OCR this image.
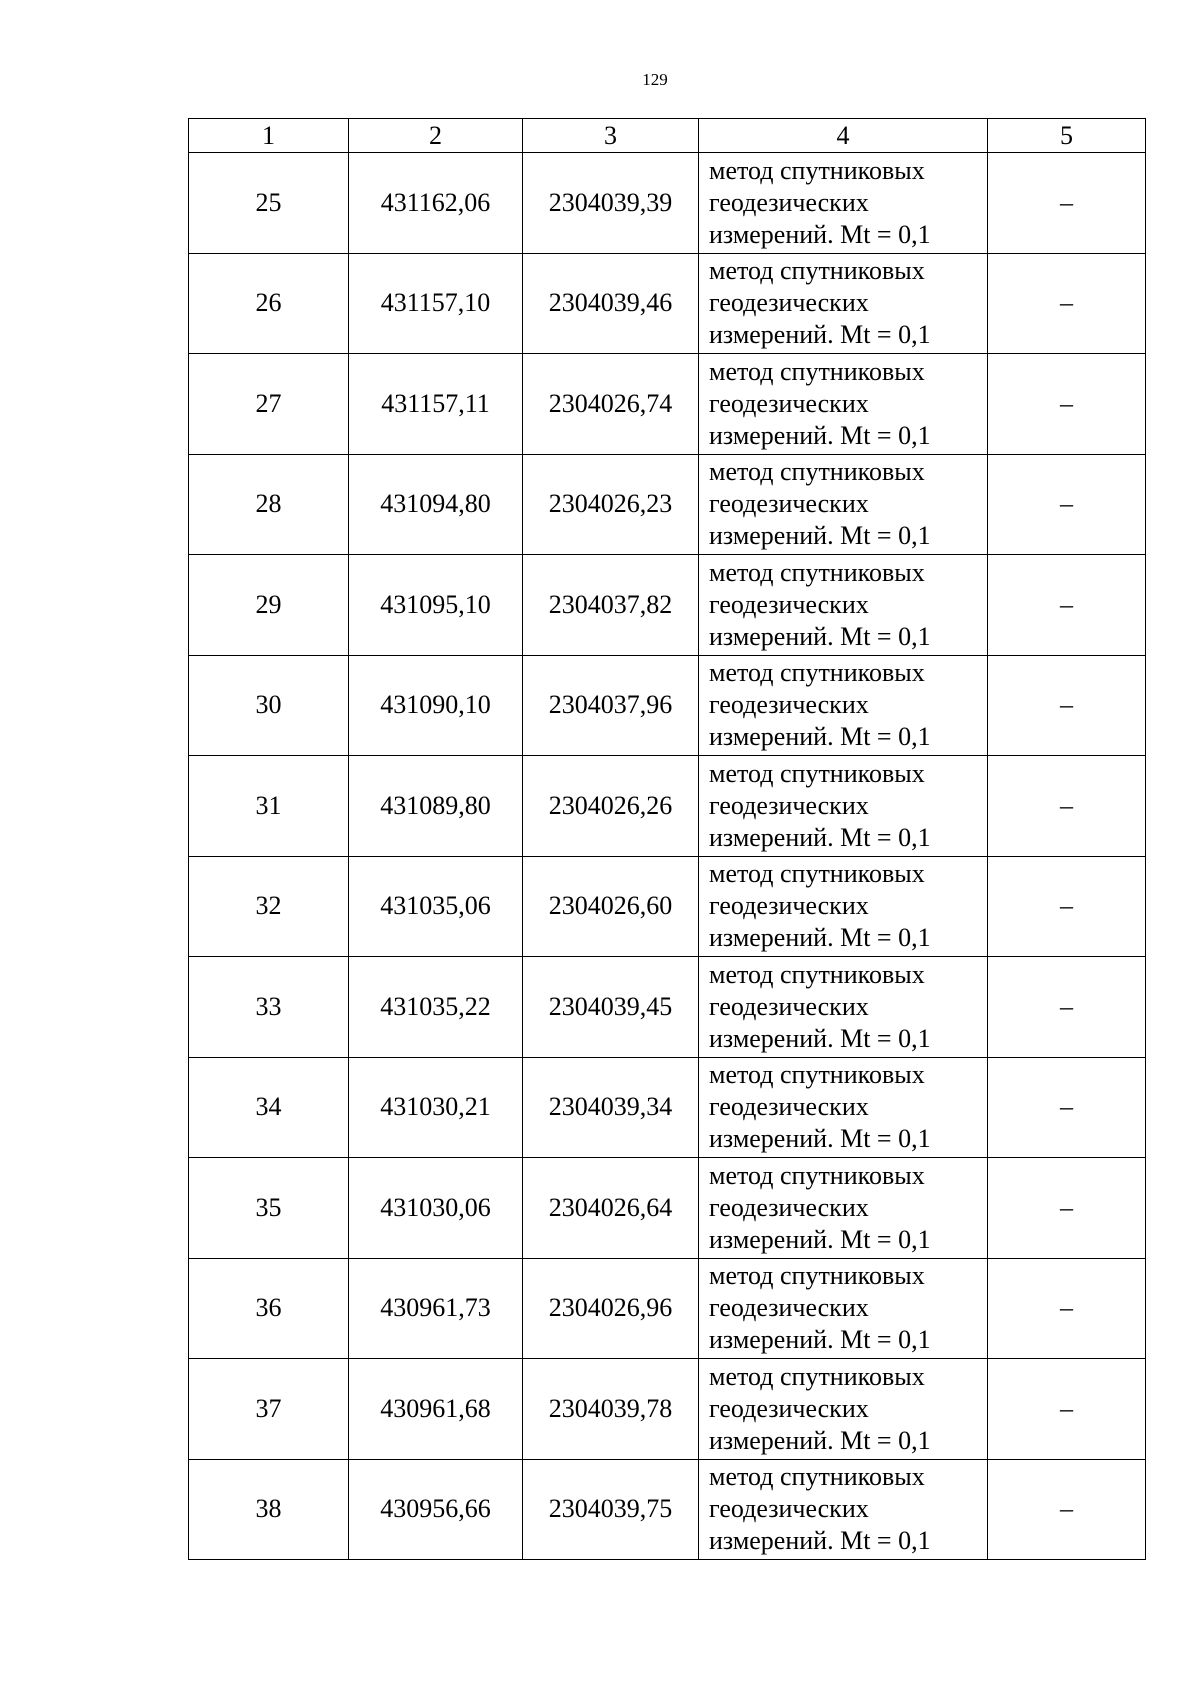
129
1	2	3	4	5
25	431162,06	2304039,39	метод спутниковых
геодезических
измерений. Mt = 0,1	–
26	431157,10	2304039,46	метод спутниковых
геодезических
измерений. Mt = 0,1	–
27	431157,11	2304026,74	метод спутниковых
геодезических
измерений. Mt = 0,1	–
28	431094,80	2304026,23	метод спутниковых
геодезических
измерений. Mt = 0,1	–
29	431095,10	2304037,82	метод спутниковых
геодезических
измерений. Mt = 0,1	–
30	431090,10	2304037,96	метод спутниковых
геодезических
измерений. Mt = 0,1	–
31	431089,80	2304026,26	метод спутниковых
геодезических
измерений. Mt = 0,1	–
32	431035,06	2304026,60	метод спутниковых
геодезических
измерений. Mt = 0,1	–
33	431035,22	2304039,45	метод спутниковых
геодезических
измерений. Mt = 0,1	–
34	431030,21	2304039,34	метод спутниковых
геодезических
измерений. Mt = 0,1	–
35	431030,06	2304026,64	метод спутниковых
геодезических
измерений. Mt = 0,1	–
36	430961,73	2304026,96	метод спутниковых
геодезических
измерений. Mt = 0,1	–
37	430961,68	2304039,78	метод спутниковых
геодезических
измерений. Mt = 0,1	–
38	430956,66	2304039,75	метод спутниковых
геодезических
измерений. Mt = 0,1	–
